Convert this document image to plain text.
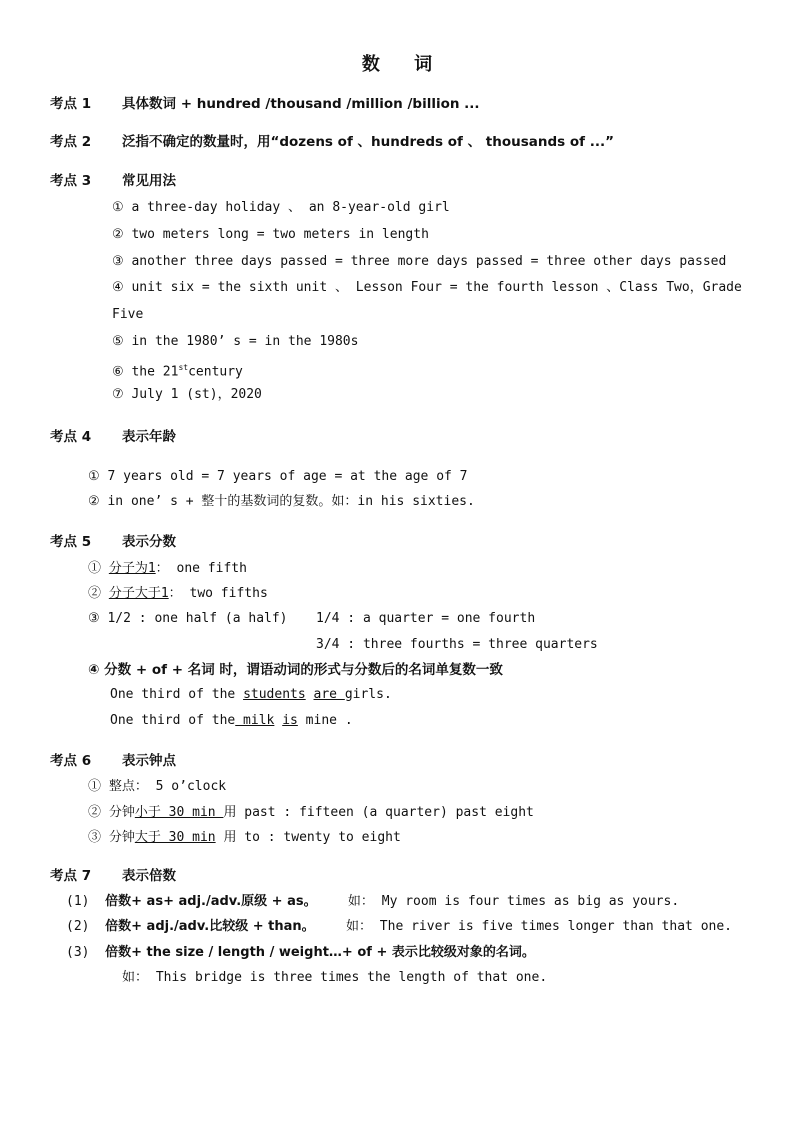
数 词
考点 1 具体数词 + hundred /thousand /million /billion ...
考点 2 泛指不确定的数量时，用“dozens of 、hundreds of 、 thousands of ...”
考点 3 常见用法
① a three-day holiday 、 an 8-year-old girl
② two meters long = two meters in length
③ another three days passed = three more days passed = three other days passed
④ unit six = the sixth unit 、 Lesson Four = the fourth lesson 、Class Two，Grade
Five
⑤ in the 1980’ s = in the 1980s
⑥ the 21stcentury
⑦ July 1 (st)，2020
考点 4 表示年龄
① 7 years old = 7 years of age = at the age of 7
② in one’ s + 整十的基数词的复数。如：in his sixties.
考点 5 表示分数
① 分子为1： one fifth
② 分子大于1： two fifths
③ 1/2 : one half (a half) 1/4 : a quarter = one fourth
3/4 : three fourths = three quarters
④ 分数 + of + 名词 时，谓语动词的形式与分数后的名词单复数一致
One third of the students are girls.
One third of the milk is mine .
考点 6 表示钟点
① 整点： 5 o’clock
② 分钟小于 30 min 用 past : fifteen (a quarter) past eight
③ 分钟大于 30 min 用 to : twenty to eight
考点 7 表示倍数
(1) 倍数+ as+ adj./adv.原级 + as。 如： My room is four times as big as yours.
(2) 倍数+ adj./adv.比较级 + than。 如： The river is five times longer than that one.
(3) 倍数+ the size / length / weight…+ of + 表示比较级对象的名词。
如： This bridge is three times the length of that one.
